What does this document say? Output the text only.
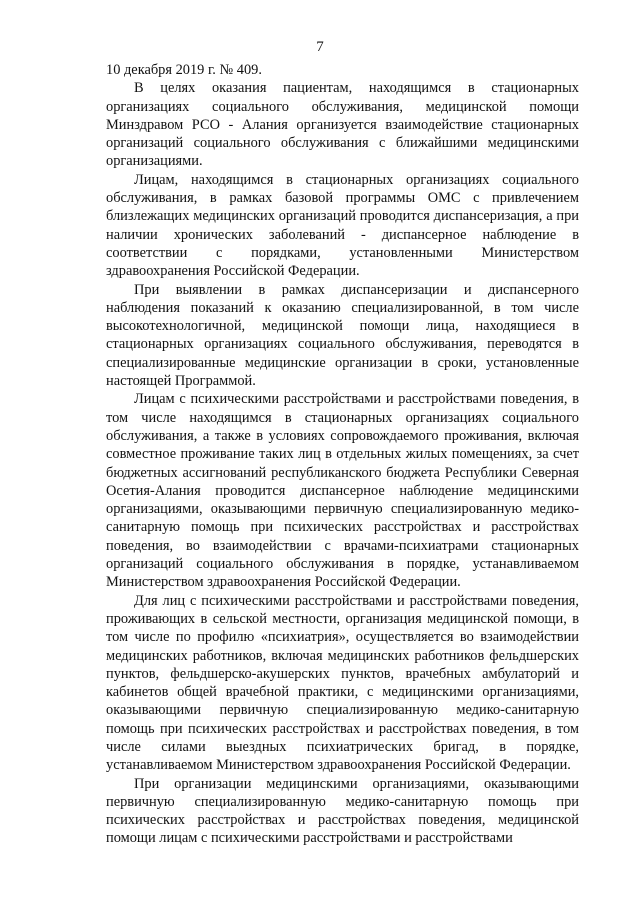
7

10 декабря 2019 г. № 409.

В целях оказания пациентам, находящимся в стационарных организациях социального обслуживания, медицинской помощи Минздравом РСО - Алания организуется взаимодействие стационарных организаций социального обслуживания с ближайшими медицинскими организациями.

Лицам, находящимся в стационарных организациях социального обслуживания, в рамках базовой программы ОМС с привлечением близлежащих медицинских организаций проводится диспансеризация, а при наличии хронических заболеваний - диспансерное наблюдение в соответствии с порядками, установленными Министерством здравоохранения Российской Федерации.

При выявлении в рамках диспансеризации и диспансерного наблюдения показаний к оказанию специализированной, в том числе высокотехнологичной, медицинской помощи лица, находящиеся в стационарных организациях социального обслуживания, переводятся в специализированные медицинские организации в сроки, установленные настоящей Программой.

Лицам с психическими расстройствами и расстройствами поведения, в том числе находящимся в стационарных организациях социального обслуживания, а также в условиях сопровождаемого проживания, включая совместное проживание таких лиц в отдельных жилых помещениях, за счет бюджетных ассигнований республиканского бюджета Республики Северная Осетия-Алания проводится диспансерное наблюдение медицинскими организациями, оказывающими первичную специализированную медико-санитарную помощь при психических расстройствах и расстройствах поведения, во взаимодействии с врачами-психиатрами стационарных организаций социального обслуживания в порядке, устанавливаемом Министерством здравоохранения Российской Федерации.

Для лиц с психическими расстройствами и расстройствами поведения, проживающих в сельской местности, организация медицинской помощи, в том числе по профилю «психиатрия», осуществляется во взаимодействии медицинских работников, включая медицинских работников фельдшерских пунктов, фельдшерско-акушерских пунктов, врачебных амбулаторий и кабинетов общей врачебной практики, с медицинскими организациями, оказывающими первичную специализированную медико-санитарную помощь при психических расстройствах и расстройствах поведения, в том числе силами выездных психиатрических бригад, в порядке, устанавливаемом Министерством здравоохранения Российской Федерации.

При организации медицинскими организациями, оказывающими первичную специализированную медико-санитарную помощь при психических расстройствах и расстройствах поведения, медицинской помощи лицам с психическими расстройствами и расстройствами
